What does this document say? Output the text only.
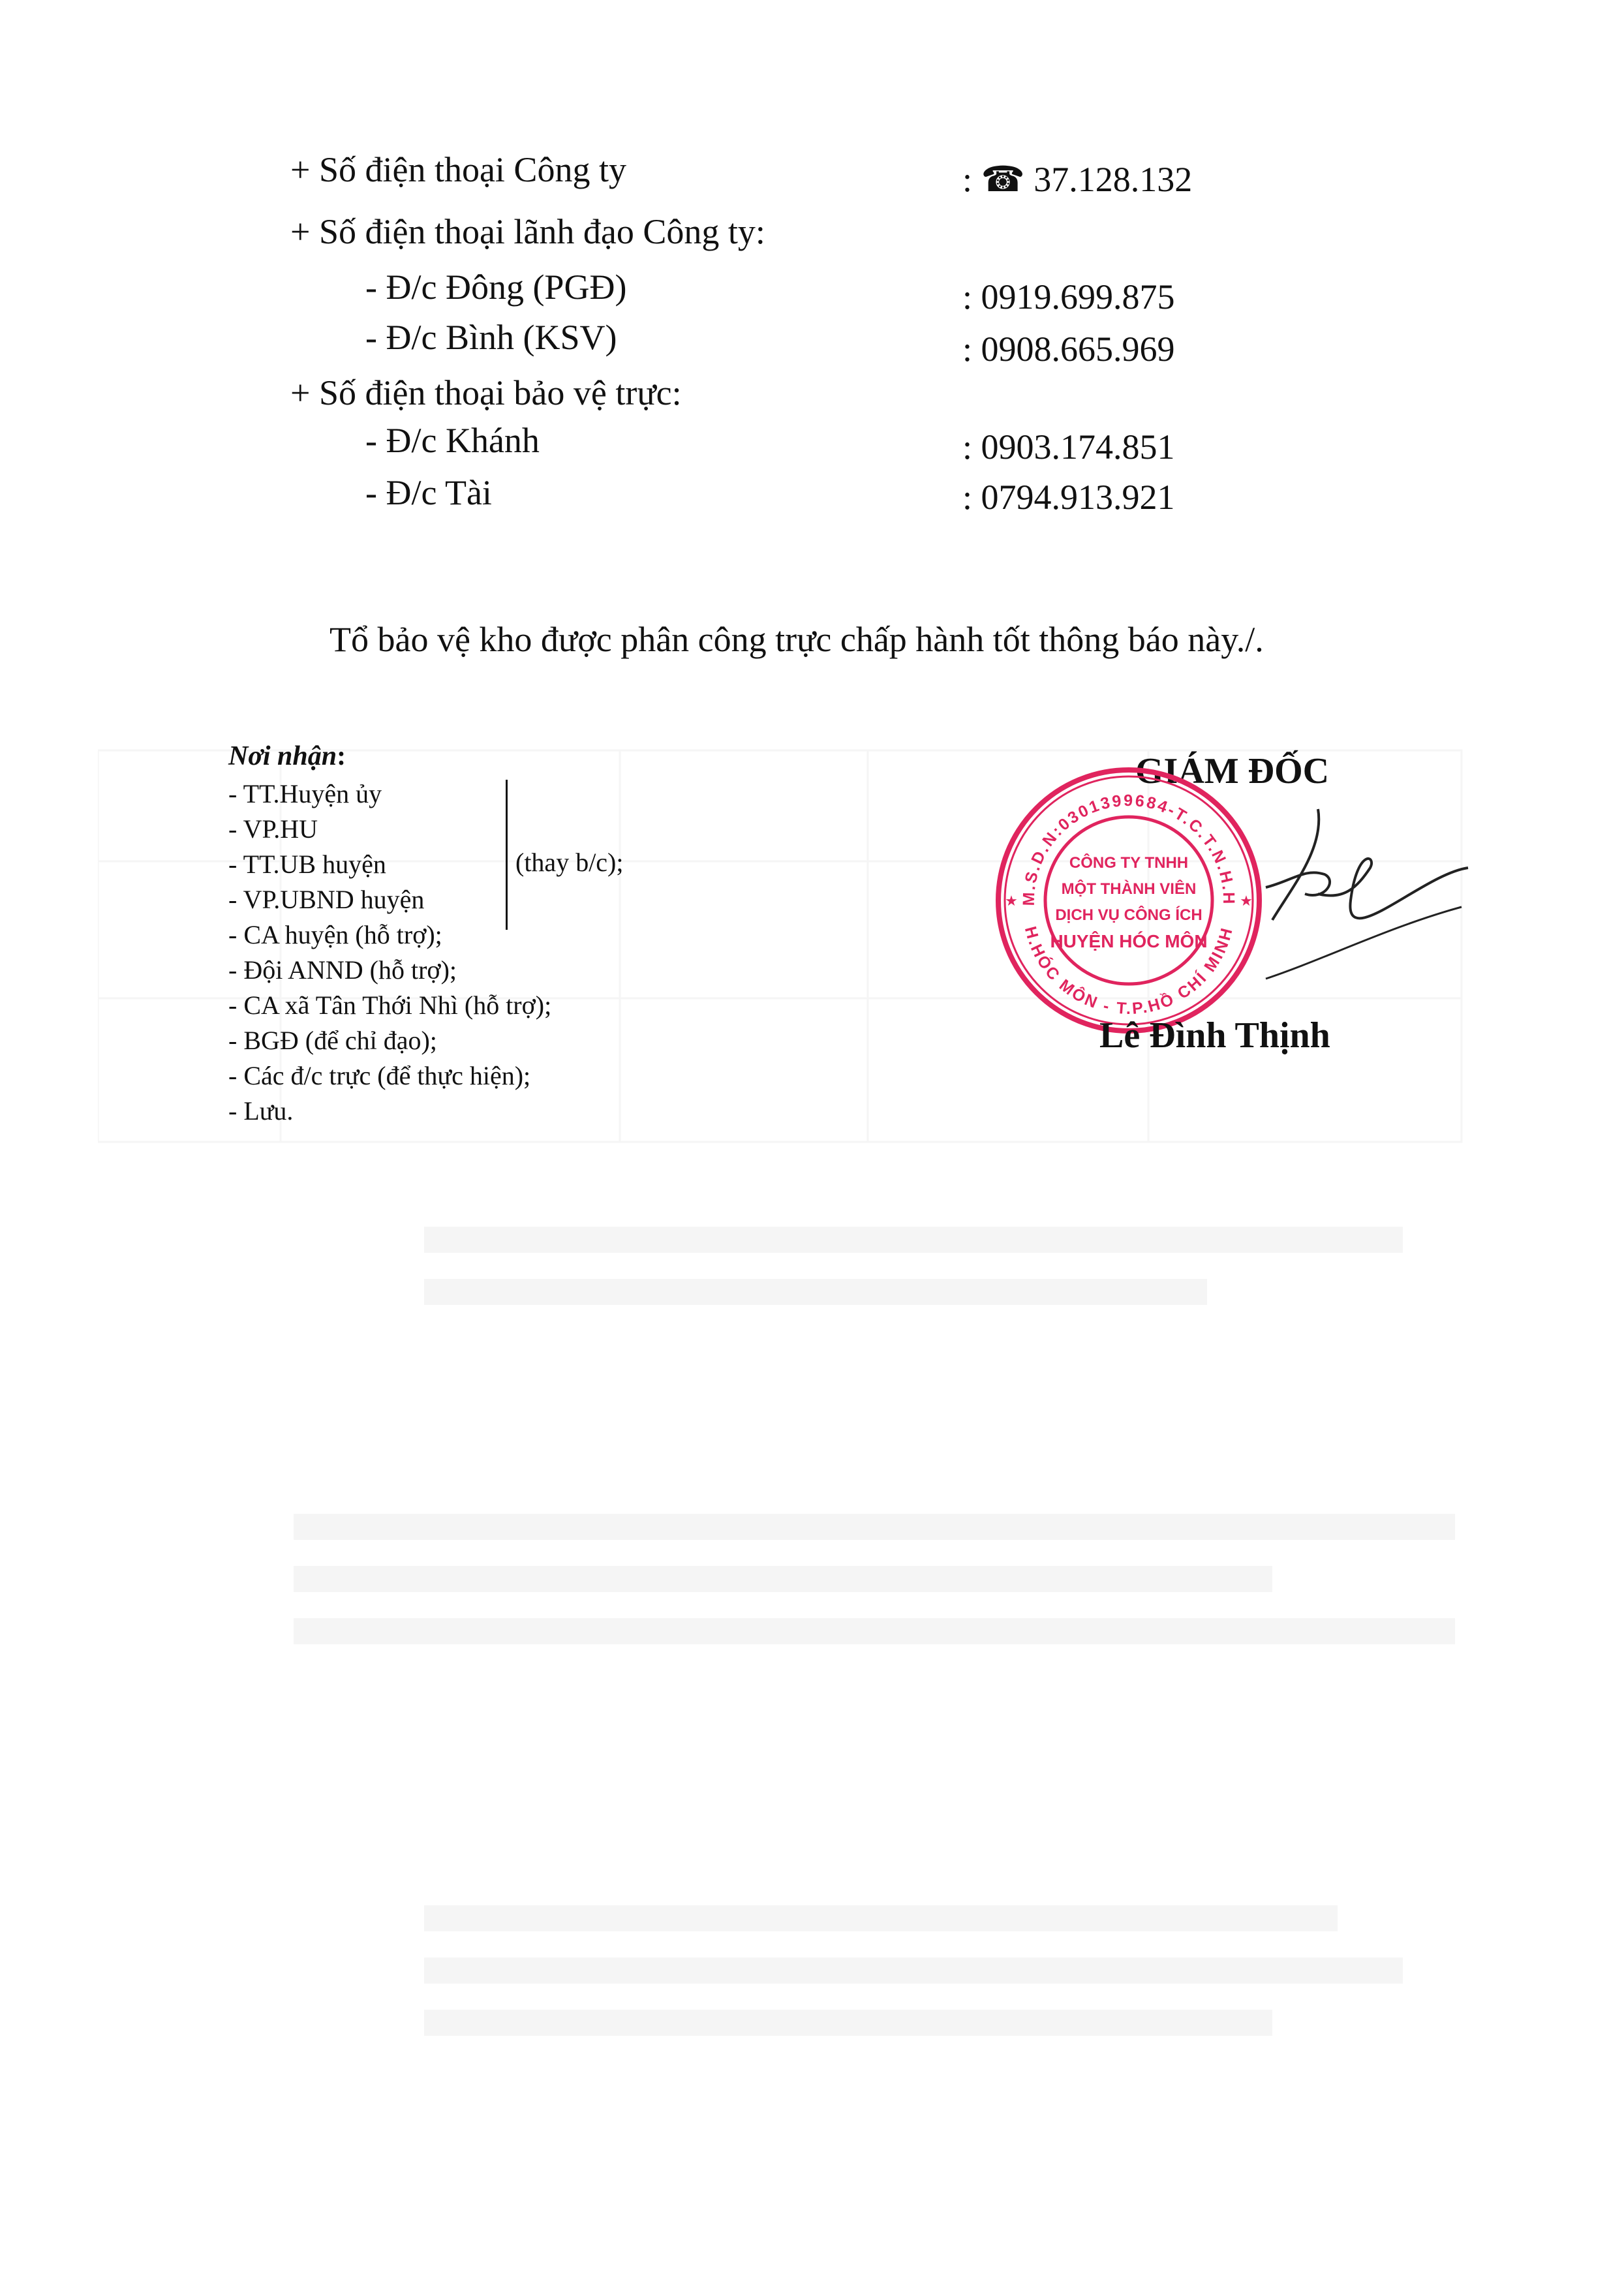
+ Số điện thoại Công ty	: ☎ 37.128.132
+ Số điện thoại lãnh đạo Công ty:
- Đ/c Đông (PGĐ)	: 0919.699.875
- Đ/c Bình (KSV)	: 0908.665.969
+ Số điện thoại bảo vệ trực:
- Đ/c Khánh	: 0903.174.851
- Đ/c Tài	: 0794.913.921
Tổ bảo vệ kho được phân công trực chấp hành tốt thông báo này./.
Nơi nhận:
- TT.Huyện ủy
- VP.HU
- TT.UB huyện
- VP.UBND huyện
- CA huyện (hỗ trợ);
- Đội ANND (hỗ trợ);
- CA xã Tân Thới Nhì (hỗ trợ);
- BGĐ (để chỉ đạo);
- Các đ/c trực (để thực hiện);
- Lưu.
(thay b/c);
GIÁM ĐỐC
M.S.D.N:0301399684-T.C.T.N.H.H
H.HÓC MÔN - T.P.HỒ CHÍ MINH
★	★
CÔNG TY TNHH
MỘT THÀNH VIÊN
DỊCH VỤ CÔNG ÍCH
HUYỆN HÓC MÔN
Lê Đình Thịnh
